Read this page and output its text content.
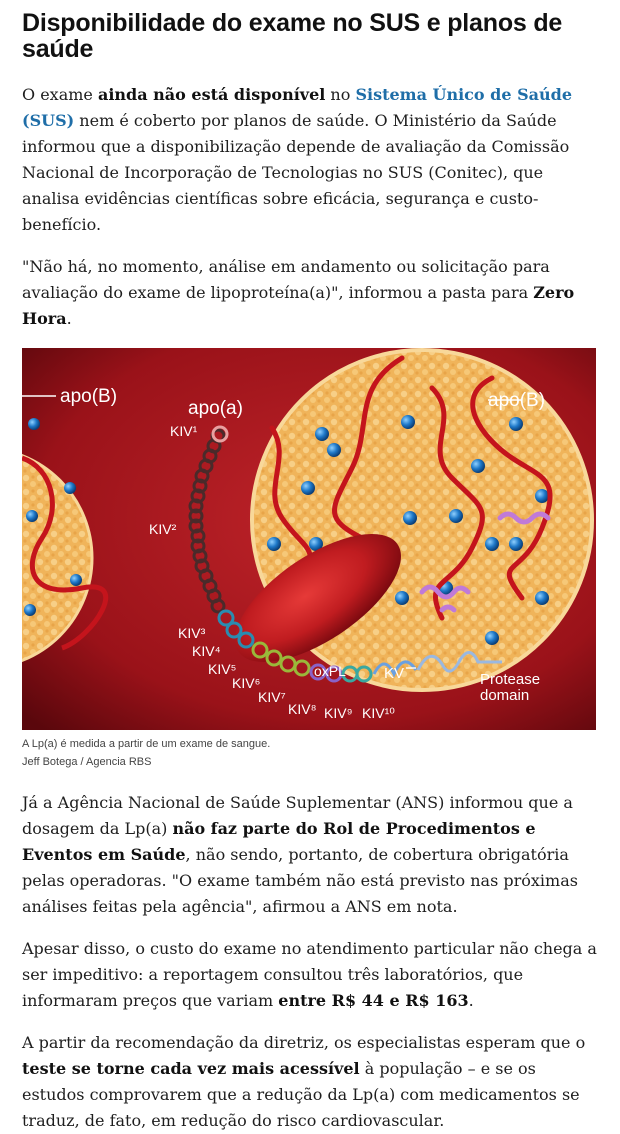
Disponibilidade do exame no SUS e planos de saúde

O exame ainda não está disponível no Sistema Único de Saúde (SUS) nem é coberto por planos de saúde. O Ministério da Saúde informou que a disponibilização depende de avaliação da Comissão Nacional de Incorporação de Tecnologias no SUS (Conitec), que analisa evidências científicas sobre eficácia, segurança e custo-benefício.

"Não há, no momento, análise em andamento ou solicitação para avaliação do exame de lipoproteína(a)", informou a pasta para Zero Hora.

apo(B)	apo(B)
apo(a)
KIV¹
KIV²
KIV³
KIV⁴
KIV⁵
KIV⁶
KIV⁷
KIV⁸ KIV⁹ KIV¹⁰
oxPL	KV	Protease
domain
A Lp(a) é medida a partir de um exame de sangue.
Jeff Botega / Agencia RBS

Já a Agência Nacional de Saúde Suplementar (ANS) informou que a dosagem da Lp(a) não faz parte do Rol de Procedimentos e Eventos em Saúde, não sendo, portanto, de cobertura obrigatória pelas operadoras. "O exame também não está previsto nas próximas análises feitas pela agência", afirmou a ANS em nota.

Apesar disso, o custo do exame no atendimento particular não chega a ser impeditivo: a reportagem consultou três laboratórios, que informaram preços que variam entre R$ 44 e R$ 163.

A partir da recomendação da diretriz, os especialistas esperam que o teste se torne cada vez mais acessível à população – e se os estudos comprovarem que a redução da Lp(a) com medicamentos se traduz, de fato, em redução do risco cardiovascular.
